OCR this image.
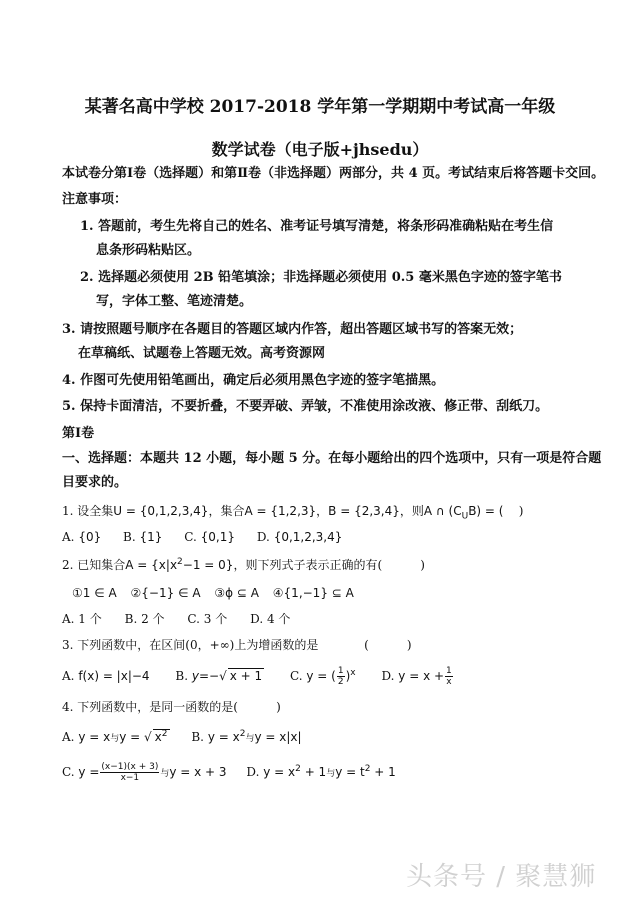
某著名高中学校 2017-2018 学年第一学期期中考试高一年级
数学试卷（电子版+jhsedu）
本试卷分第Ⅰ卷（选择题）和第Ⅱ卷（非选择题）两部分，共 4 页。考试结束后将答题卡交回。
注意事项：
1. 答题前，考生先将自己的姓名、准考证号填写清楚，将条形码准确粘贴在考生信
息条形码粘贴区。
2. 选择题必须使用 2B 铅笔填涂；非选择题必须使用 0.5 毫米黑色字迹的签字笔书
写，字体工整、笔迹清楚。
3. 请按照题号顺序在各题目的答题区域内作答，超出答题区域书写的答案无效；
在草稿纸、试题卷上答题无效。高考资源网
4. 作图可先使用铅笔画出，确定后必须用黑色字迹的签字笔描黑。
5. 保持卡面清洁，不要折叠，不要弄破、弄皱，不准使用涂改液、修正带、刮纸刀。
第Ⅰ卷
一、选择题：本题共 12 小题，每小题 5 分。在每小题给出的四个选项中，只有一项是符合题
目要求的。
1. 设全集U = {0,1,2,3,4}，集合A = {1,2,3}，B = {2,3,4}，则A ∩ $(C_UB)$ = (    )
A. {0} B. {1} C. {0,1} D. {0,1,2,3,4}
2. 已知集合$A = \{x|x^2-1 = 0\}$，则下列式子表示正确的有(          )
①1 ∈ A ②{−1} ∈ A ③ϕ ⊆ A ④{1,−1} ⊆ A
A. 1 个      B. 2 个      C. 3 个      D. 4 个
3. 下列函数中，在区间(0，+∞)上为增函数的是            (          )
A. f(x) = |x|−4 B. y=−√ x + 1 C. y = ( $\frac{1}{2} )^x$ D. $y = x + \frac{1}{x}$
4. 下列函数中，是同一函数的是(          )
A. y = x与y = √ $x^2$ B. $y = x^2$与y = x|x|
C. $y = \frac{(x-1)(x + 3)}{x-1}$ 与y = x + 3 D. $y = x^2 + 1$与$y = t^2 + 1$
头条号 / 聚慧狮
